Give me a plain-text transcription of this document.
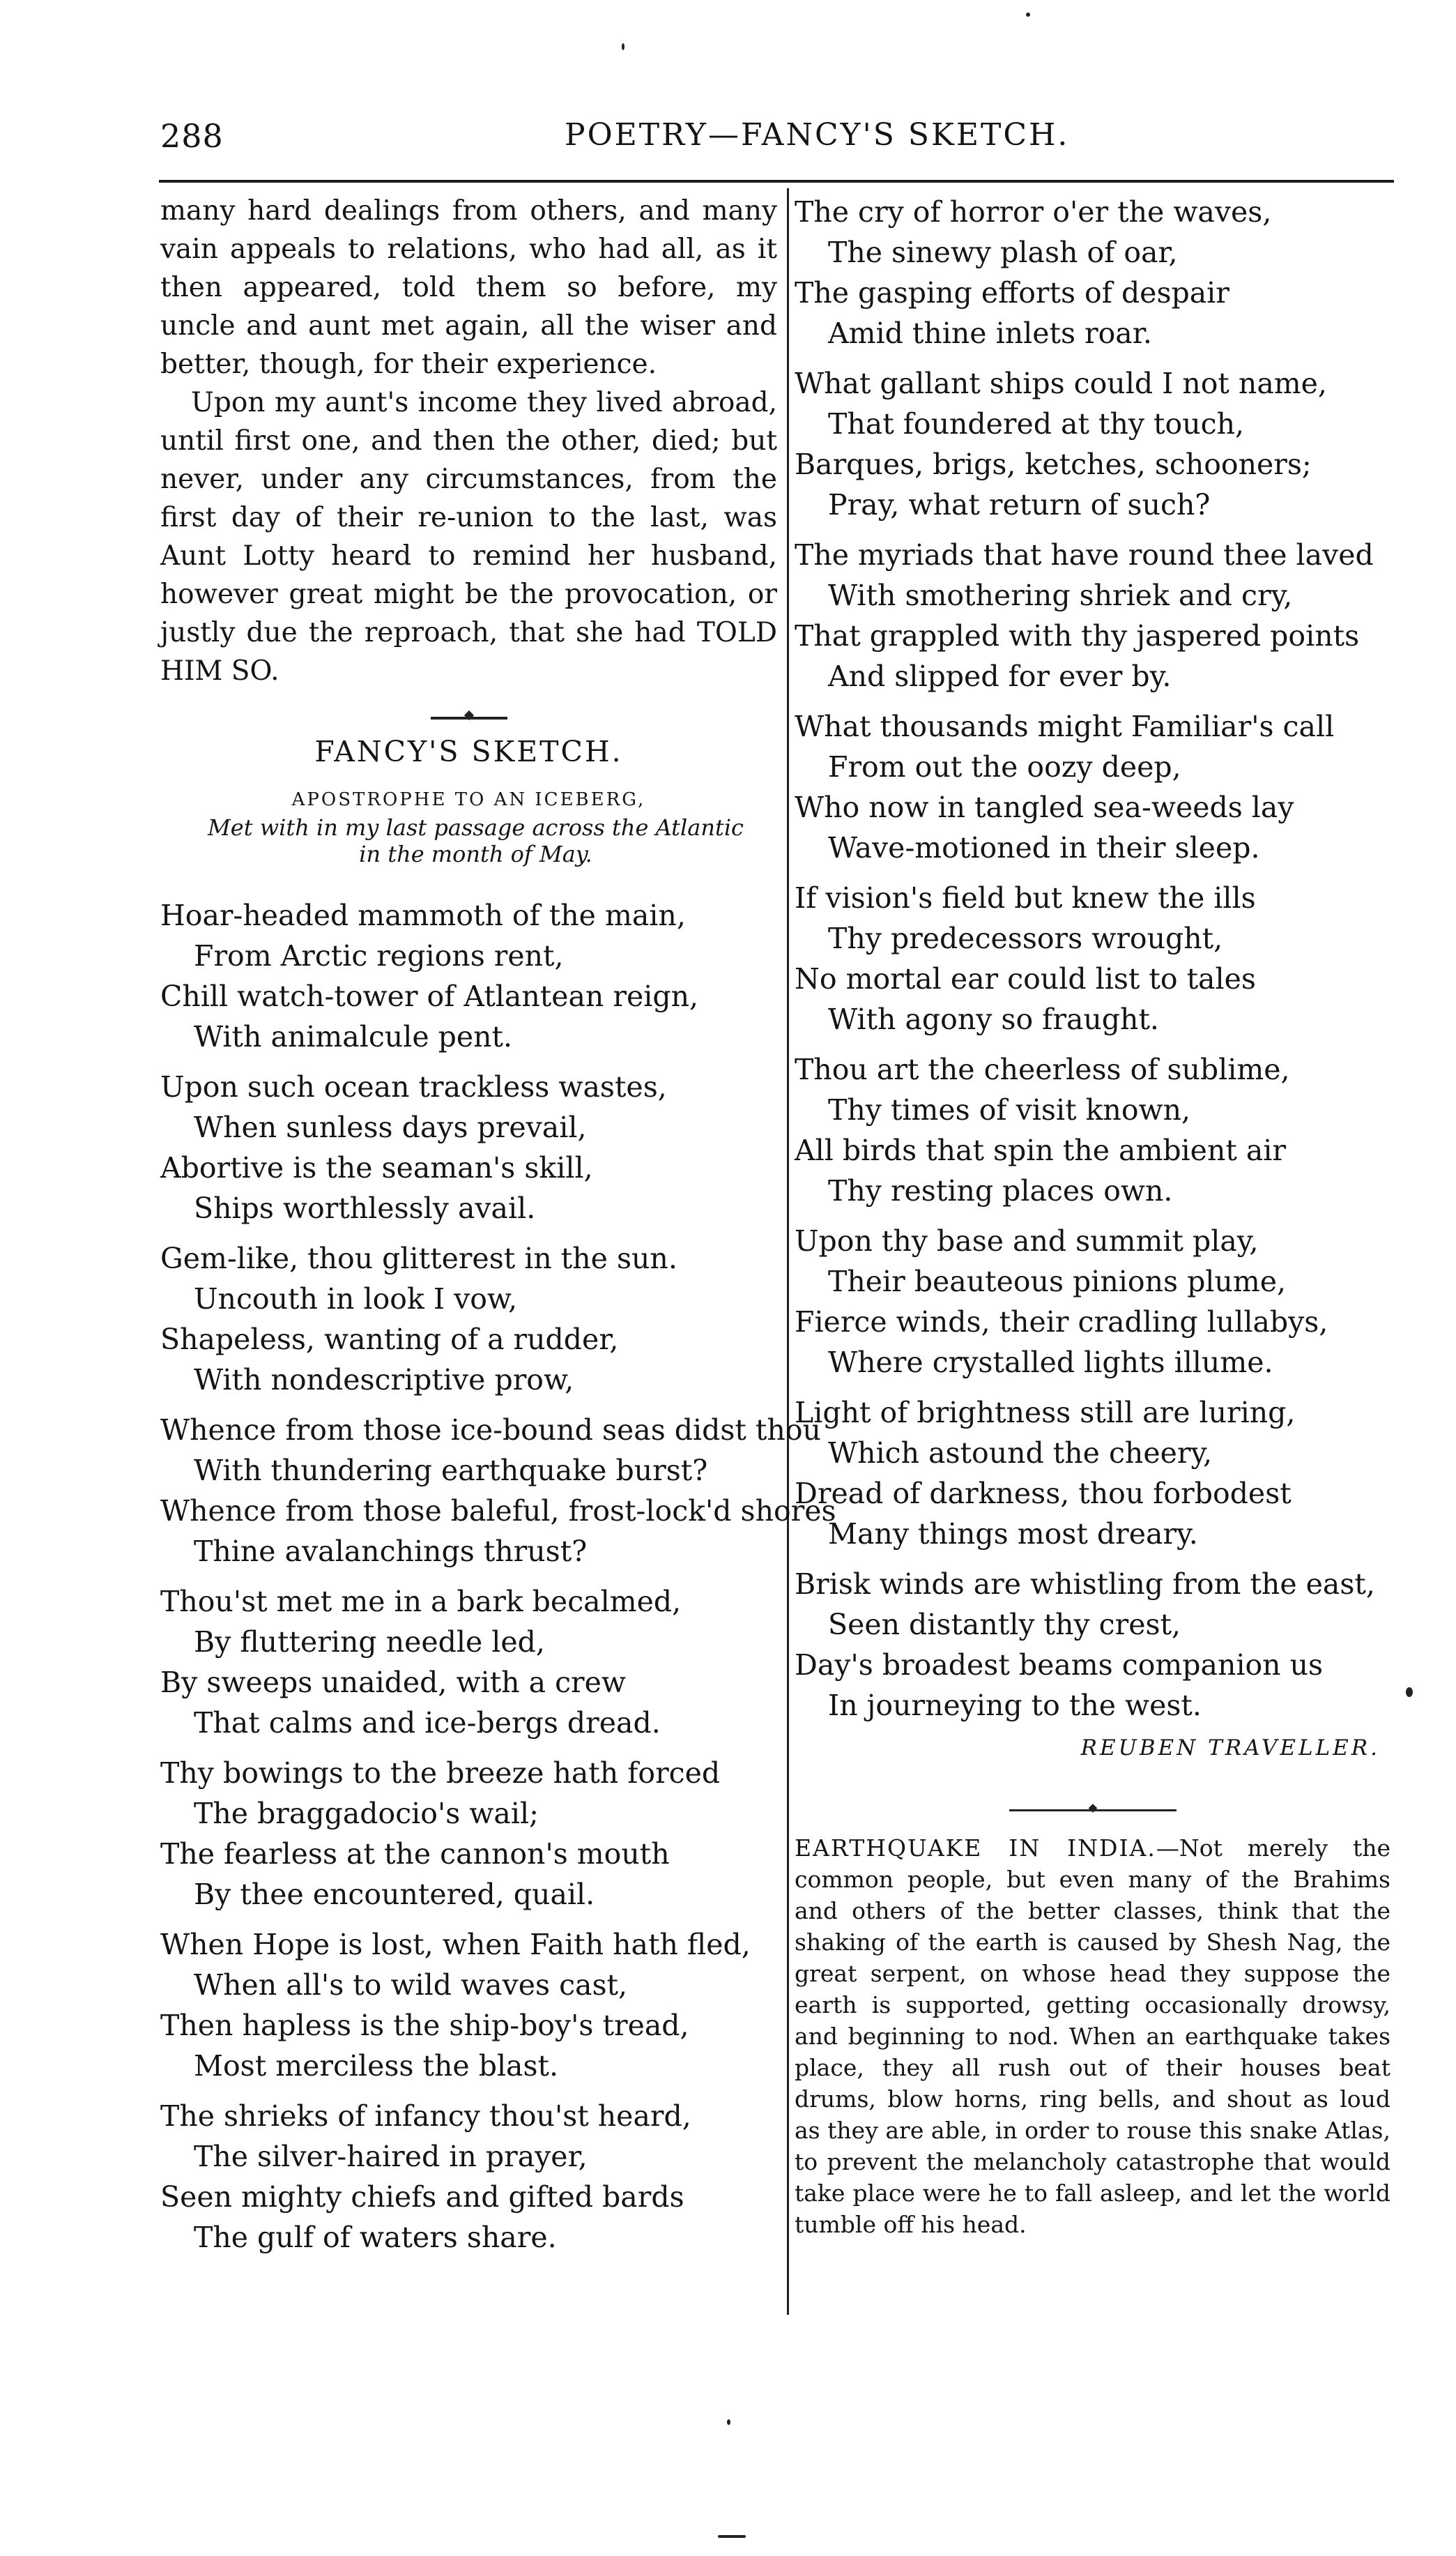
288	POETRY—FANCY'S SKETCH.

many hard dealings from others, and many vain appeals to relations, who had all, as it then appeared, told them so before, my uncle and aunt met again, all the wiser and better, though, for their experience.

Upon my aunt's income they lived abroad, until first one, and then the other, died; but never, under any circumstances, from the first day of their re-union to the last, was Aunt Lotty heard to remind her husband, however great might be the provocation, or justly due the reproach, that she had TOLD HIM SO.

FANCY'S SKETCH.
APOSTROPHE TO AN ICEBERG,
Met with in my last passage across the Atlantic in the month of May.
Hoar-headed mammoth of the main,
From Arctic regions rent,
Chill watch-tower of Atlantean reign,
With animalcule pent.
Upon such ocean trackless wastes,
When sunless days prevail,
Abortive is the seaman's skill,
Ships worthlessly avail.
Gem-like, thou glitterest in the sun.
Uncouth in look I vow,
Shapeless, wanting of a rudder,
With nondescriptive prow,
Whence from those ice-bound seas didst thou
With thundering earthquake burst?
Whence from those baleful, frost-lock'd shores
Thine avalanchings thrust?
Thou'st met me in a bark becalmed,
By fluttering needle led,
By sweeps unaided, with a crew
That calms and ice-bergs dread.
Thy bowings to the breeze hath forced
The braggadocio's wail;
The fearless at the cannon's mouth
By thee encountered, quail.
When Hope is lost, when Faith hath fled,
When all's to wild waves cast,
Then hapless is the ship-boy's tread,
Most merciless the blast.
The shrieks of infancy thou'st heard,
The silver-haired in prayer,
Seen mighty chiefs and gifted bards
The gulf of waters share.
The cry of horror o'er the waves,
The sinewy plash of oar,
The gasping efforts of despair
Amid thine inlets roar.
What gallant ships could I not name,
That foundered at thy touch,
Barques, brigs, ketches, schooners;
Pray, what return of such?
The myriads that have round thee laved
With smothering shriek and cry,
That grappled with thy jaspered points
And slipped for ever by.
What thousands might Familiar's call
From out the oozy deep,
Who now in tangled sea-weeds lay
Wave-motioned in their sleep.
If vision's field but knew the ills
Thy predecessors wrought,
No mortal ear could list to tales
With agony so fraught.
Thou art the cheerless of sublime,
Thy times of visit known,
All birds that spin the ambient air
Thy resting places own.
Upon thy base and summit play,
Their beauteous pinions plume,
Fierce winds, their cradling lullabys,
Where crystalled lights illume.
Light of brightness still are luring,
Which astound the cheery,
Dread of darkness, thou forbodest
Many things most dreary.
Brisk winds are whistling from the east,
Seen distantly thy crest,
Day's broadest beams companion us
In journeying to the west.
REUBEN TRAVELLER.
EARTHQUAKE IN INDIA.—Not merely the common people, but even many of the Brahims and others of the better classes, think that the shaking of the earth is caused by Shesh Nag, the great serpent, on whose head they suppose the earth is supported, getting occasionally drowsy, and beginning to nod. When an earthquake takes place, they all rush out of their houses beat drums, blow horns, ring bells, and shout as loud as they are able, in order to rouse this snake Atlas, to prevent the melancholy catastrophe that would take place were he to fall asleep, and let the world tumble off his head.
